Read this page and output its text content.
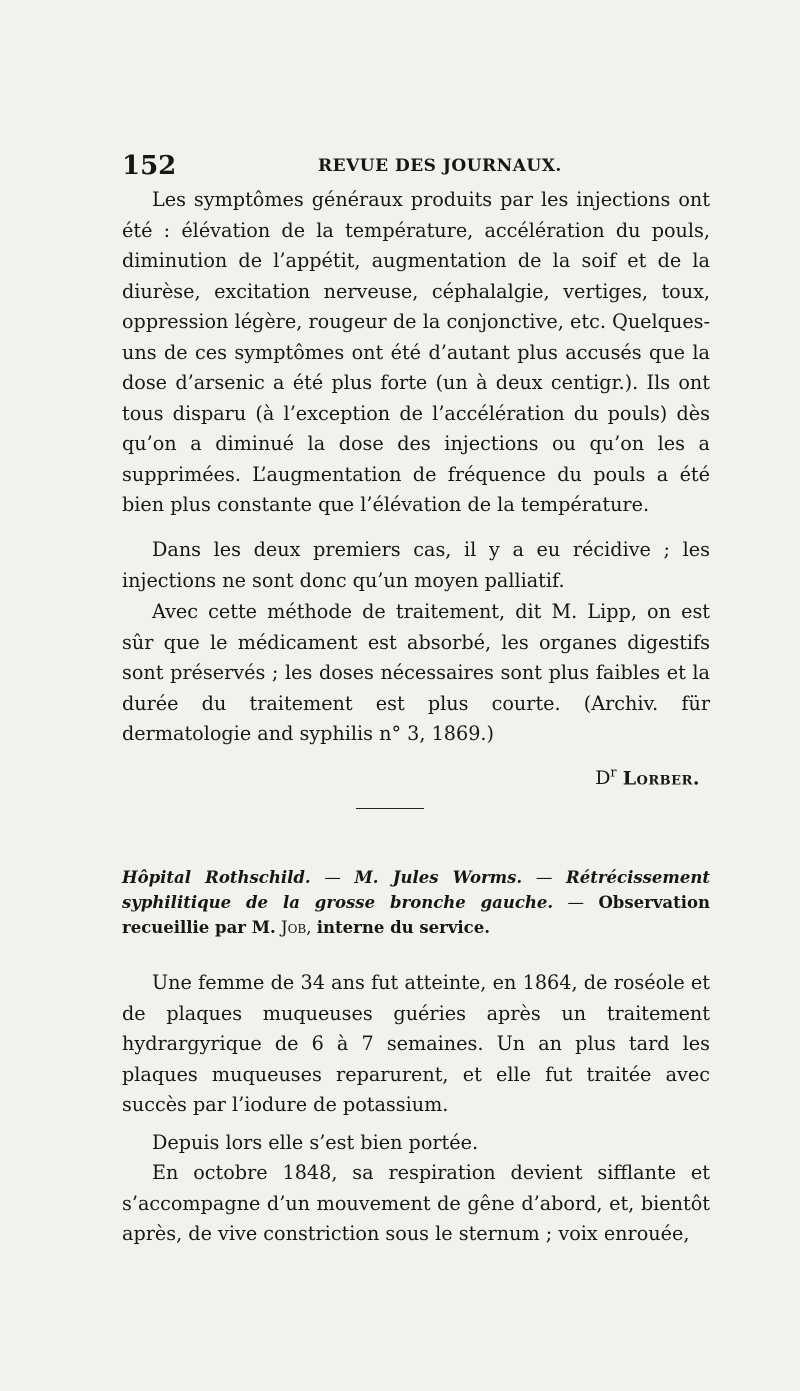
152	REVUE DES JOURNAUX.

Les symptômes généraux produits par les injections ont été : élévation de la température, accélération du pouls, diminution de l’appétit, augmentation de la soif et de la diurèse, excitation nerveuse, céphalalgie, vertiges, toux, oppression légère, rougeur de la conjonctive, etc. Quelques-uns de ces symptômes ont été d’autant plus accusés que la dose d’arsenic a été plus forte (un à deux centigr.). Ils ont tous disparu (à l’exception de l’accélération du pouls) dès qu’on a diminué la dose des injections ou qu’on les a supprimées. L’augmentation de fréquence du pouls a été bien plus constante que l’élévation de la température.

Dans les deux premiers cas, il y a eu récidive ; les injections ne sont donc qu’un moyen palliatif.

Avec cette méthode de traitement, dit M. Lipp, on est sûr que le médicament est absorbé, les organes digestifs sont préservés ; les doses nécessaires sont plus faibles et la durée du traitement est plus courte. (Archiv. für dermatologie and syphilis n° 3, 1869.)

$D^r$ Lorber.

Hôpital Rothschild. — M. Jules Worms. — Rétrécissement syphilitique de la grosse bronche gauche. — Observation recueillie par M. Job, interne du service.

Une femme de 34 ans fut atteinte, en 1864, de roséole et de plaques muqueuses guéries après un traitement hydrargyrique de 6 à 7 semaines. Un an plus tard les plaques muqueuses reparurent, et elle fut traitée avec succès par l’iodure de potassium.

Depuis lors elle s’est bien portée.

En octobre 1848, sa respiration devient sifflante et s’accompagne d’un mouvement de gêne d’abord, et, bientôt après, de vive constriction sous le sternum ; voix enrouée,
